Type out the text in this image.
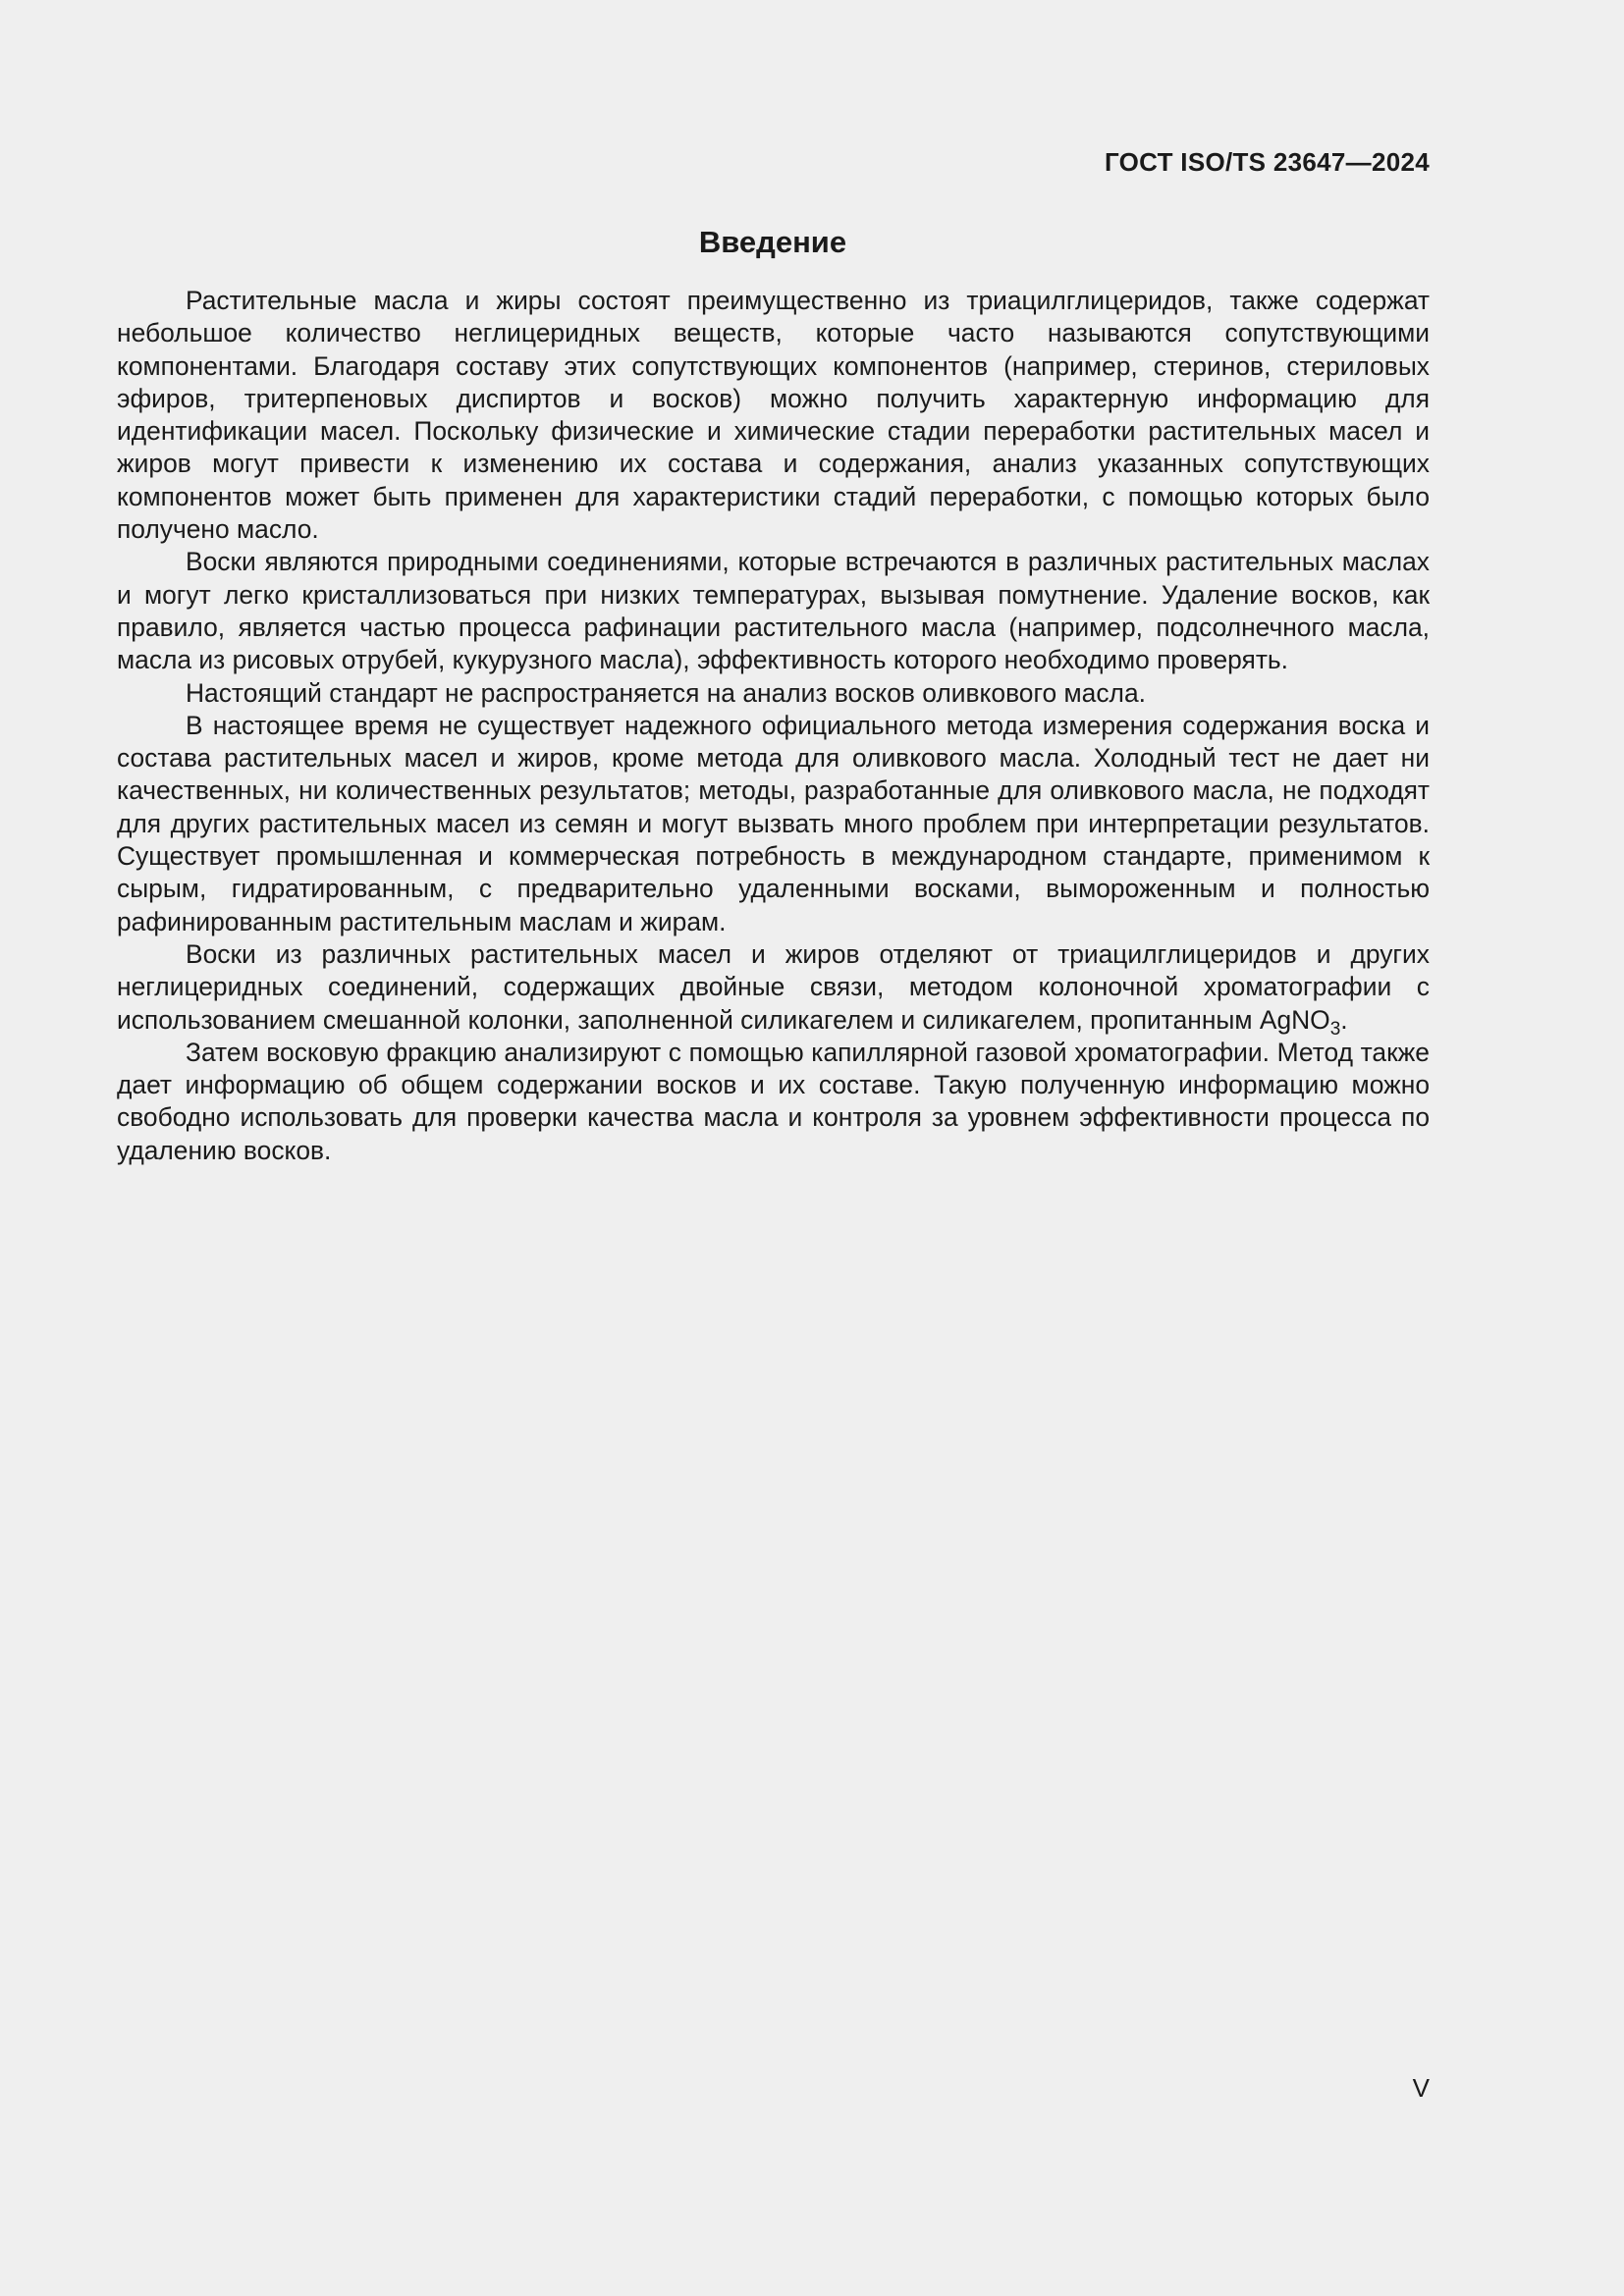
ГОСТ ISO/TS 23647—2024
Введение

Растительные масла и жиры состоят преимущественно из триацилглицеридов, также содержат небольшое количество неглицеридных веществ, которые часто называются сопутствующими компонентами. Благодаря составу этих сопутствующих компонентов (например, стеринов, стериловых эфиров, тритерпеновых диспиртов и восков) можно получить характерную информацию для идентификации масел. Поскольку физические и химические стадии переработки растительных масел и жиров могут привести к изменению их состава и содержания, анализ указанных сопутствующих компонентов может быть применен для характеристики стадий переработки, с помощью которых было получено масло.

Воски являются природными соединениями, которые встречаются в различных растительных маслах и могут легко кристаллизоваться при низких температурах, вызывая помутнение. Удаление восков, как правило, является частью процесса рафинации растительного масла (например, подсолнечного масла, масла из рисовых отрубей, кукурузного масла), эффективность которого необходимо проверять.

Настоящий стандарт не распространяется на анализ восков оливкового масла.

В настоящее время не существует надежного официального метода измерения содержания воска и состава растительных масел и жиров, кроме метода для оливкового масла. Холодный тест не дает ни качественных, ни количественных результатов; методы, разработанные для оливкового масла, не подходят для других растительных масел из семян и могут вызвать много проблем при интерпретации результатов. Существует промышленная и коммерческая потребность в международном стандарте, применимом к сырым, гидратированным, с предварительно удаленными восками, вымороженным и полностью рафинированным растительным маслам и жирам.

Воски из различных растительных масел и жиров отделяют от триацилглицеридов и других неглицеридных соединений, содержащих двойные связи, методом колоночной хроматографии с использованием смешанной колонки, заполненной силикагелем и силикагелем, пропитанным AgNO$_3$.

Затем восковую фракцию анализируют с помощью капиллярной газовой хроматографии. Метод также дает информацию об общем содержании восков и их составе. Такую полученную информацию можно свободно использовать для проверки качества масла и контроля за уровнем эффективности процесса по удалению восков.

V
